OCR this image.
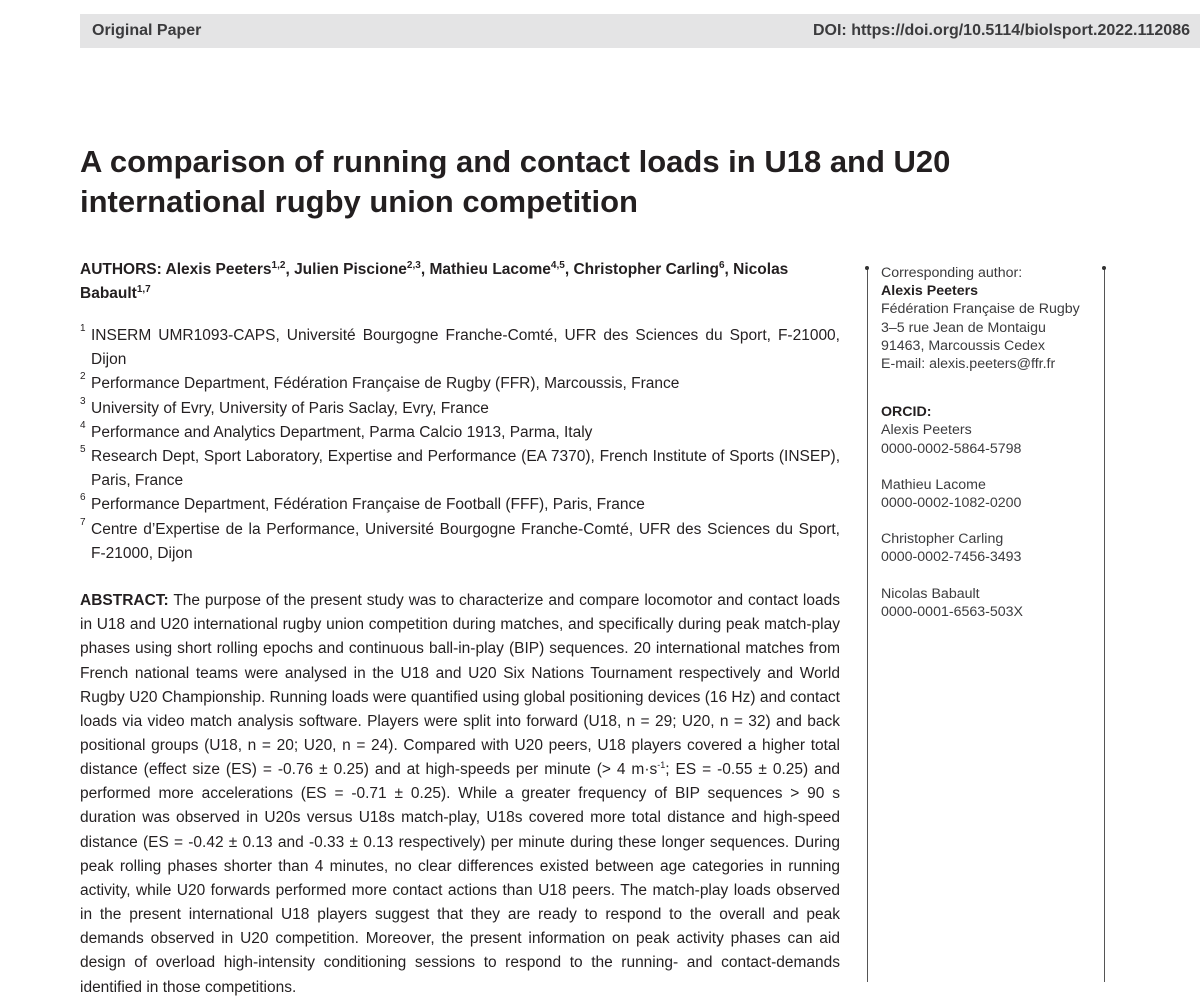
Original Paper	DOI: https://doi.org/10.5114/biolsport.2022.112086
A comparison of running and contact loads in U18 and U20 international rugby union competition

AUTHORS: Alexis Peeters$^{1,2}$, Julien Piscione$^{2,3}$, Mathieu Lacome$^{4,5}$, Christopher Carling$^6$, Nicolas Babault$^{1,7}$

1 INSERM UMR1093-CAPS, Université Bourgogne Franche-Comté, UFR des Sciences du Sport, F-21000, Dijon
2 Performance Department, Fédération Française de Rugby (FFR), Marcoussis, France
3 University of Evry, University of Paris Saclay, Evry, France
4 Performance and Analytics Department, Parma Calcio 1913, Parma, Italy
5 Research Dept, Sport Laboratory, Expertise and Performance (EA 7370), French Institute of Sports (INSEP), Paris, France
6 Performance Department, Fédération Française de Football (FFF), Paris, France
7 Centre d’Expertise de la Performance, Université Bourgogne Franche-Comté, UFR des Sciences du Sport, F-21000, Dijon

ABSTRACT: The purpose of the present study was to characterize and compare locomotor and contact loads in U18 and U20 international rugby union competition during matches, and specifically during peak match-play phases using short rolling epochs and continuous ball-in-play (BIP) sequences. 20 international matches from French national teams were analysed in the U18 and U20 Six Nations Tournament respectively and World Rugby U20 Championship. Running loads were quantified using global positioning devices (16 Hz) and contact loads via video match analysis software. Players were split into forward (U18, n = 29; U20, n = 32) and back positional groups (U18, n = 20; U20, n = 24). Compared with U20 peers, U18 players covered a higher total distance (effect size (ES) = -0.76 ± 0.25) and at high-speeds per minute (> 4 $m\cdot s^{-1}$; ES = -0.55 ± 0.25) and performed more accelerations (ES = -0.71 ± 0.25). While a greater frequency of BIP sequences > 90 s duration was observed in U20s versus U18s match-play, U18s covered more total distance and high-speed distance (ES = -0.42 ± 0.13 and -0.33 ± 0.13 respectively) per minute during these longer sequences. During peak rolling phases shorter than 4 minutes, no clear differences existed between age categories in running activity, while U20 forwards performed more contact actions than U18 peers. The match-play loads observed in the present international U18 players suggest that they are ready to respond to the overall and peak demands observed in U20 competition. Moreover, the present information on peak activity phases can aid design of overload high-intensity conditioning sessions to respond to the running- and contact-demands identified in those competitions.

Corresponding author:
Alexis Peeters
Fédération Française de Rugby
3–5 rue Jean de Montaigu
91463, Marcoussis Cedex
E-mail: alexis.peeters@ffr.fr
ORCID:
Alexis Peeters
0000-0002-5864-5798
Mathieu Lacome
0000-0002-1082-0200
Christopher Carling
0000-0002-7456-3493
Nicolas Babault
0000-0001-6563-503X
